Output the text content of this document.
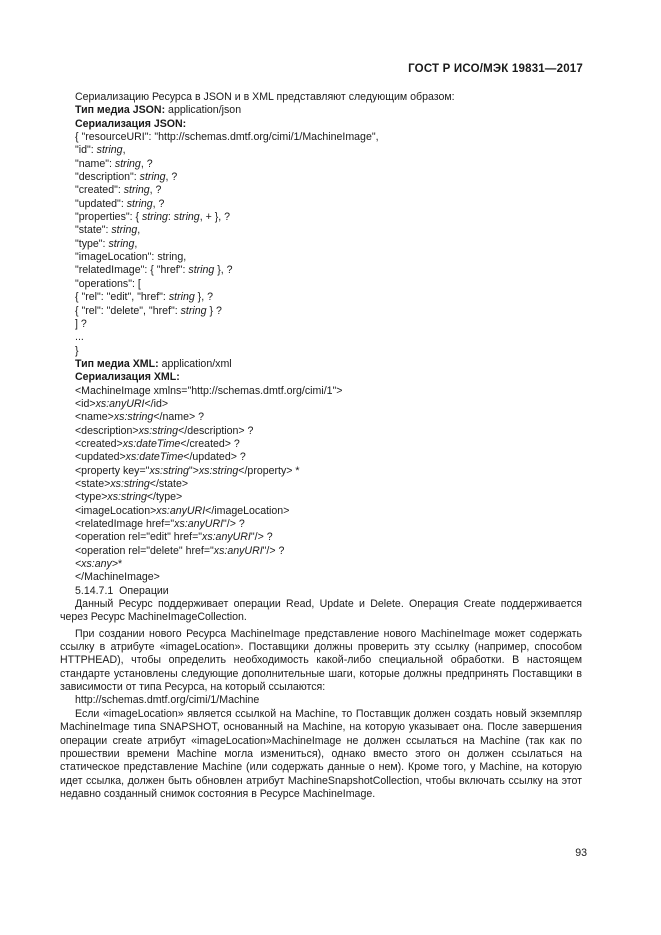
ГОСТ Р ИСО/МЭК 19831—2017
Сериализацию Ресурса в JSON и в XML представляют следующим образом:
Тип медиа JSON: application/json
Сериализация JSON:
{ "resourceURI": "http://schemas.dmtf.org/cimi/1/MachineImage",
"id": string,
"name": string, ?
"description": string, ?
"created": string, ?
"updated": string, ?
"properties": { string: string, + }, ?
"state": string,
"type": string,
"imageLocation": string,
"relatedImage": { "href": string }, ?
"operations": [
{ "rel": "edit", "href": string }, ?
{ "rel": "delete", "href": string } ?
] ?
...
}
Тип медиа XML: application/xml
Сериализация XML:
<MachineImage xmlns="http://schemas.dmtf.org/cimi/1">
<id>xs:anyURI</id>
<name>xs:string</name> ?
<description>xs:string</description> ?
<created>xs:dateTime</created> ?
<updated>xs:dateTime</updated> ?
<property key="xs:string">xs:string</property> *
<state>xs:string</state>
<type>xs:string</type>
<imageLocation>xs:anyURI</imageLocation>
<relatedImage href="xs:anyURI"/> ?
<operation rel="edit" href="xs:anyURI"/> ?
<operation rel="delete" href="xs:anyURI"/> ?
<xs:any>*
</MachineImage>
5.14.7.1  Операции
Данный Ресурс поддерживает операции Read, Update и Delete. Операция Create поддерживается через Ресурс MachineImageCollection.
При создании нового Ресурса MachineImage представление нового MachineImage может содержать ссылку в атрибуте «imageLocation». Поставщики должны проверить эту ссылку (например, способом HTTPHEAD), чтобы определить необходимость какой-либо специальной обработки. В настоящем стандарте установлены следующие дополнительные шаги, которые должны предпринять Поставщики в зависимости от типа Ресурса, на который ссылаются:
http://schemas.dmtf.org/cimi/1/Machine
Если «imageLocation» является ссылкой на Machine, то Поставщик должен создать новый экземпляр MachineImage типа SNAPSHOT, основанный на Machine, на которую указывает она. После завершения операции create атрибут «imageLocation»MachineImage не должен ссылаться на Machine (так как по прошествии времени Machine могла измениться), однако вместо этого он должен ссылаться на статическое представление Machine (или содержать данные о нем). Кроме того, у Machine, на которую идет ссылка, должен быть обновлен атрибут MachineSnapshotCollection, чтобы включать ссылку на этот недавно созданный снимок состояния в Ресурсе MachineImage.
93
